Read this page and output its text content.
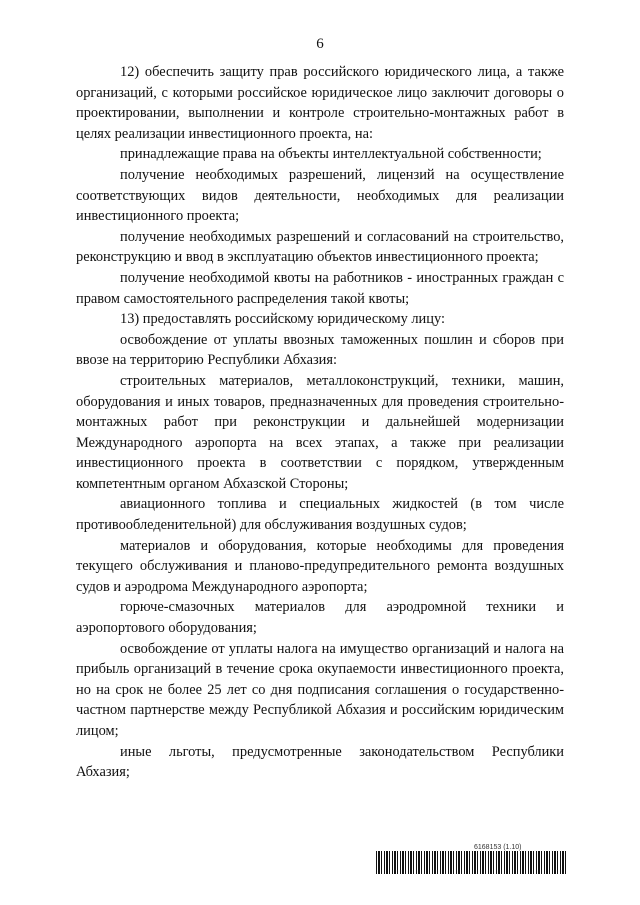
6

12) обеспечить защиту прав российского юридического лица, а также организаций, с которыми российское юридическое лицо заключит договоры о проектировании, выполнении и контроле строительно-монтажных работ в целях реализации инвестиционного проекта, на:

принадлежащие права на объекты интеллектуальной собственности;

получение необходимых разрешений, лицензий на осуществление соответствующих видов деятельности, необходимых для реализации инвестиционного проекта;

получение необходимых разрешений и согласований на строительство, реконструкцию и ввод в эксплуатацию объектов инвестиционного проекта;

получение необходимой квоты на работников - иностранных граждан с правом самостоятельного распределения такой квоты;

13) предоставлять российскому юридическому лицу:

освобождение от уплаты ввозных таможенных пошлин и сборов при ввозе на территорию Республики Абхазия:

строительных материалов, металлоконструкций, техники, машин, оборудования и иных товаров, предназначенных для проведения строительно-монтажных работ при реконструкции и дальнейшей модернизации Международного аэропорта на всех этапах, а также при реализации инвестиционного проекта в соответствии с порядком, утвержденным компетентным органом Абхазской Стороны;

авиационного топлива и специальных жидкостей (в том числе противообледенительной) для обслуживания воздушных судов;

материалов и оборудования, которые необходимы для проведения текущего обслуживания и планово-предупредительного ремонта воздушных судов и аэродрома Международного аэропорта;

горюче-смазочных материалов для аэродромной техники и аэропортового оборудования;

освобождение от уплаты налога на имущество организаций и налога на прибыль организаций в течение срока окупаемости инвестиционного проекта, но на срок не более 25 лет со дня подписания соглашения о государственно-частном партнерстве между Республикой Абхазия и российским юридическим лицом;

иные льготы, предусмотренные законодательством Республики Абхазия;

6168153 (1.10)
